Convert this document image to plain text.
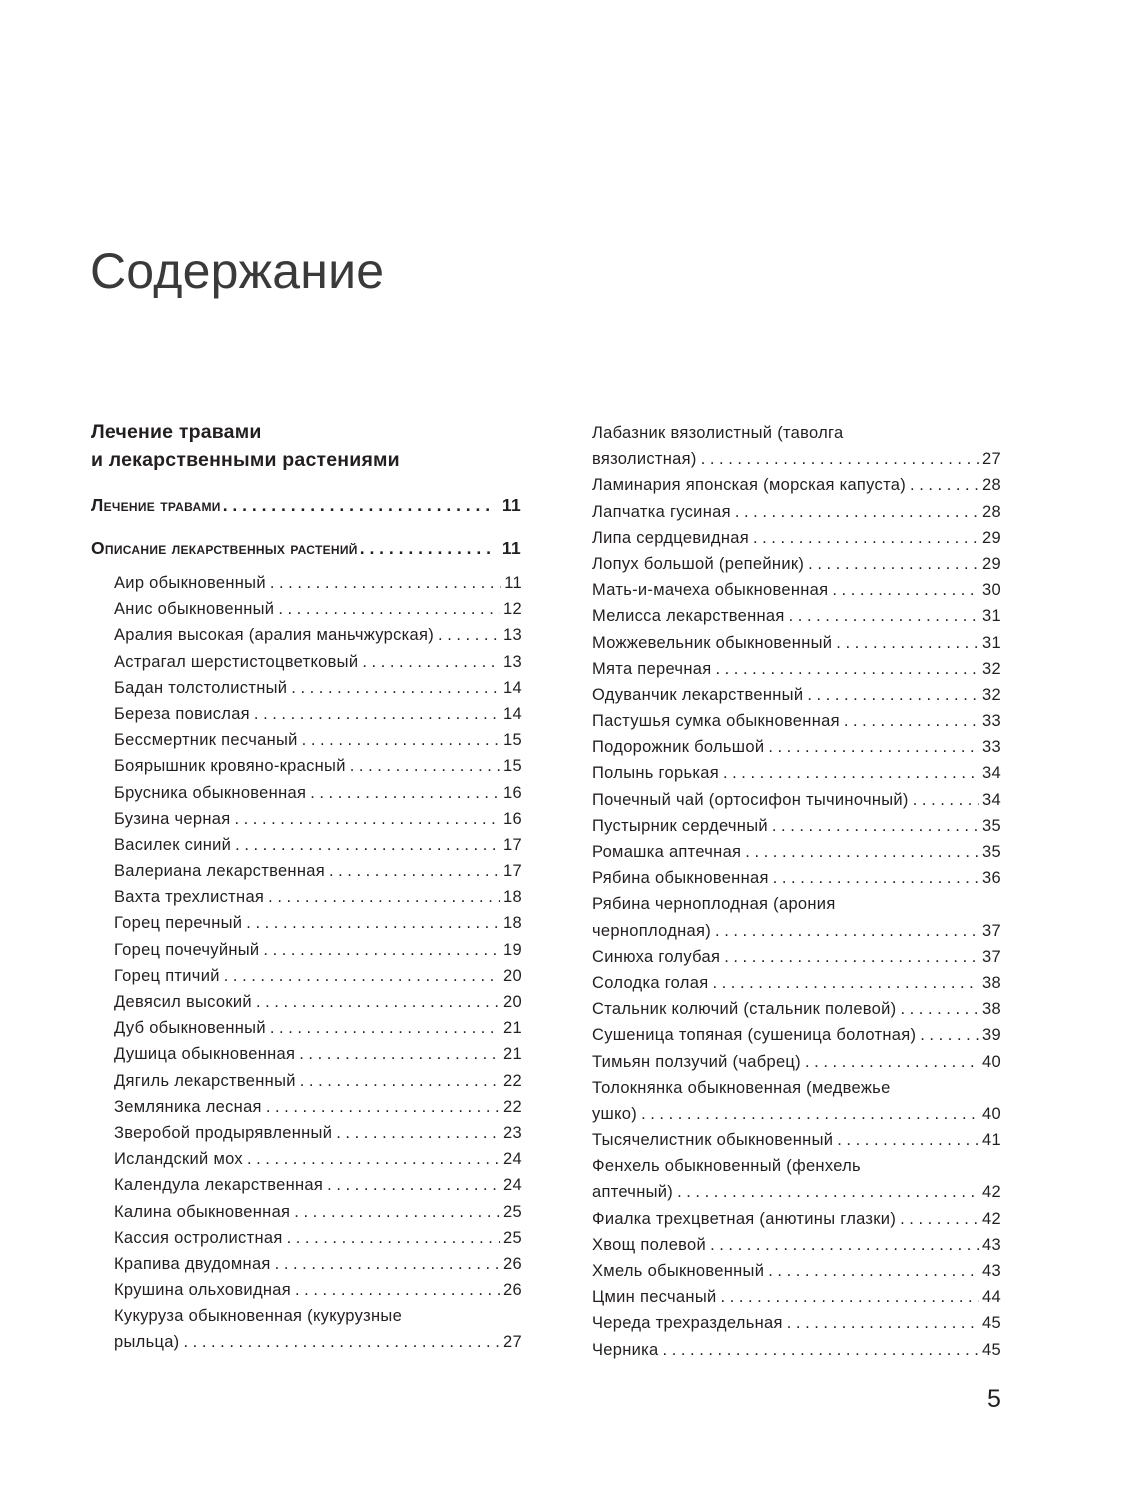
Содержание
Лечение травами
и лекарственными растениями
Лечение травами . . .	11
Описание лекарственных растений . . .	11
Аир обыкновенный . . .	11
Анис обыкновенный . . .	12
Аралия высокая (аралия маньчжурская) . . .	13
Астрагал шерстистоцветковый . . .	13
Бадан толстолистный . . .	14
Береза повислая . . .	14
Бессмертник песчаный . . .	15
Боярышник кровяно-красный . . .	15
Брусника обыкновенная . . .	16
Бузина черная . . .	16
Василек синий . . .	17
Валериана лекарственная . . .	17
Вахта трехлистная . . .	18
Горец перечный . . .	18
Горец почечуйный . . .	19
Горец птичий . . .	20
Девясил высокий . . .	20
Дуб обыкновенный . . .	21
Душица обыкновенная . . .	21
Дягиль лекарственный . . .	22
Земляника лесная . . .	22
Зверобой продырявленный . . .	23
Исландский мох . . .	24
Календула лекарственная . . .	24
Калина обыкновенная . . .	25
Кассия остролистная . . .	25
Крапива двудомная . . .	26
Крушина ольховидная . . .	26
Кукуруза обыкновенная (кукурузные
рыльца) . . .	27
Лабазник вязолистный (таволга
вязолистная) . . .	27
Ламинария японская (морская капуста) . . .	28
Лапчатка гусиная . . .	28
Липа сердцевидная . . .	29
Лопух большой (репейник) . . .	29
Мать-и-мачеха обыкновенная . . .	30
Мелисса лекарственная . . .	31
Можжевельник обыкновенный . . .	31
Мята перечная . . .	32
Одуванчик лекарственный . . .	32
Пастушья сумка обыкновенная . . .	33
Подорожник большой . . .	33
Полынь горькая . . .	34
Почечный чай (ортосифон тычиночный) . . .	34
Пустырник сердечный . . .	35
Ромашка аптечная . . .	35
Рябина обыкновенная . . .	36
Рябина черноплодная (арония
черноплодная) . . .	37
Синюха голубая . . .	37
Солодка голая . . .	38
Стальник колючий (стальник полевой) . . .	38
Сушеница топяная (сушеница болотная) . . .	39
Тимьян ползучий (чабрец) . . .	40
Толокнянка обыкновенная (медвежье
ушко) . . .	40
Тысячелистник обыкновенный . . .	41
Фенхель обыкновенный (фенхель
аптечный) . . .	42
Фиалка трехцветная (анютины глазки) . . .	42
Хвощ полевой . . .	43
Хмель обыкновенный . . .	43
Цмин песчаный . . .	44
Череда трехраздельная . . .	45
Черника . . .	45
5
